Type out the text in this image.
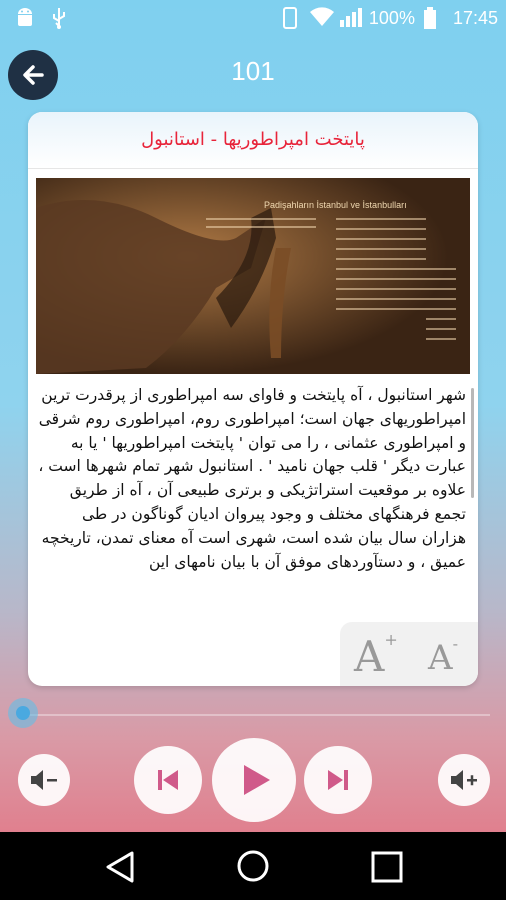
100% 17:45
101
پایتخت امپراطوریها - استانبول
Padişahların İstanbul ve İstanbulları
شهر استانبول ، آه پایتخت و فاوای سه امپراطوری از پرقدرت ترین امپراطوریهای جهان است؛ امپراطوری روم، امپراطوری روم شرقی و امپراطوری عثمانی ، را می توان ' پایتخت امپراطوریها ' یا به عبارت دیگر ' قلب جهان نامید ' . استانبول شهر تمام شهرها است ، علاوه بر موقعیت استراتژیکی و برتری طبیعی آن ، آه از طریق تجمع فرهنگهای مختلف و وجود پیروان ادیان گوناگون در طی هزاران سال بیان شده است، شهری است آه معنای تمدن، تاریخچه عمیق ، و دستآوردهای موفق آن با بیان نامهای این
A+ A-
